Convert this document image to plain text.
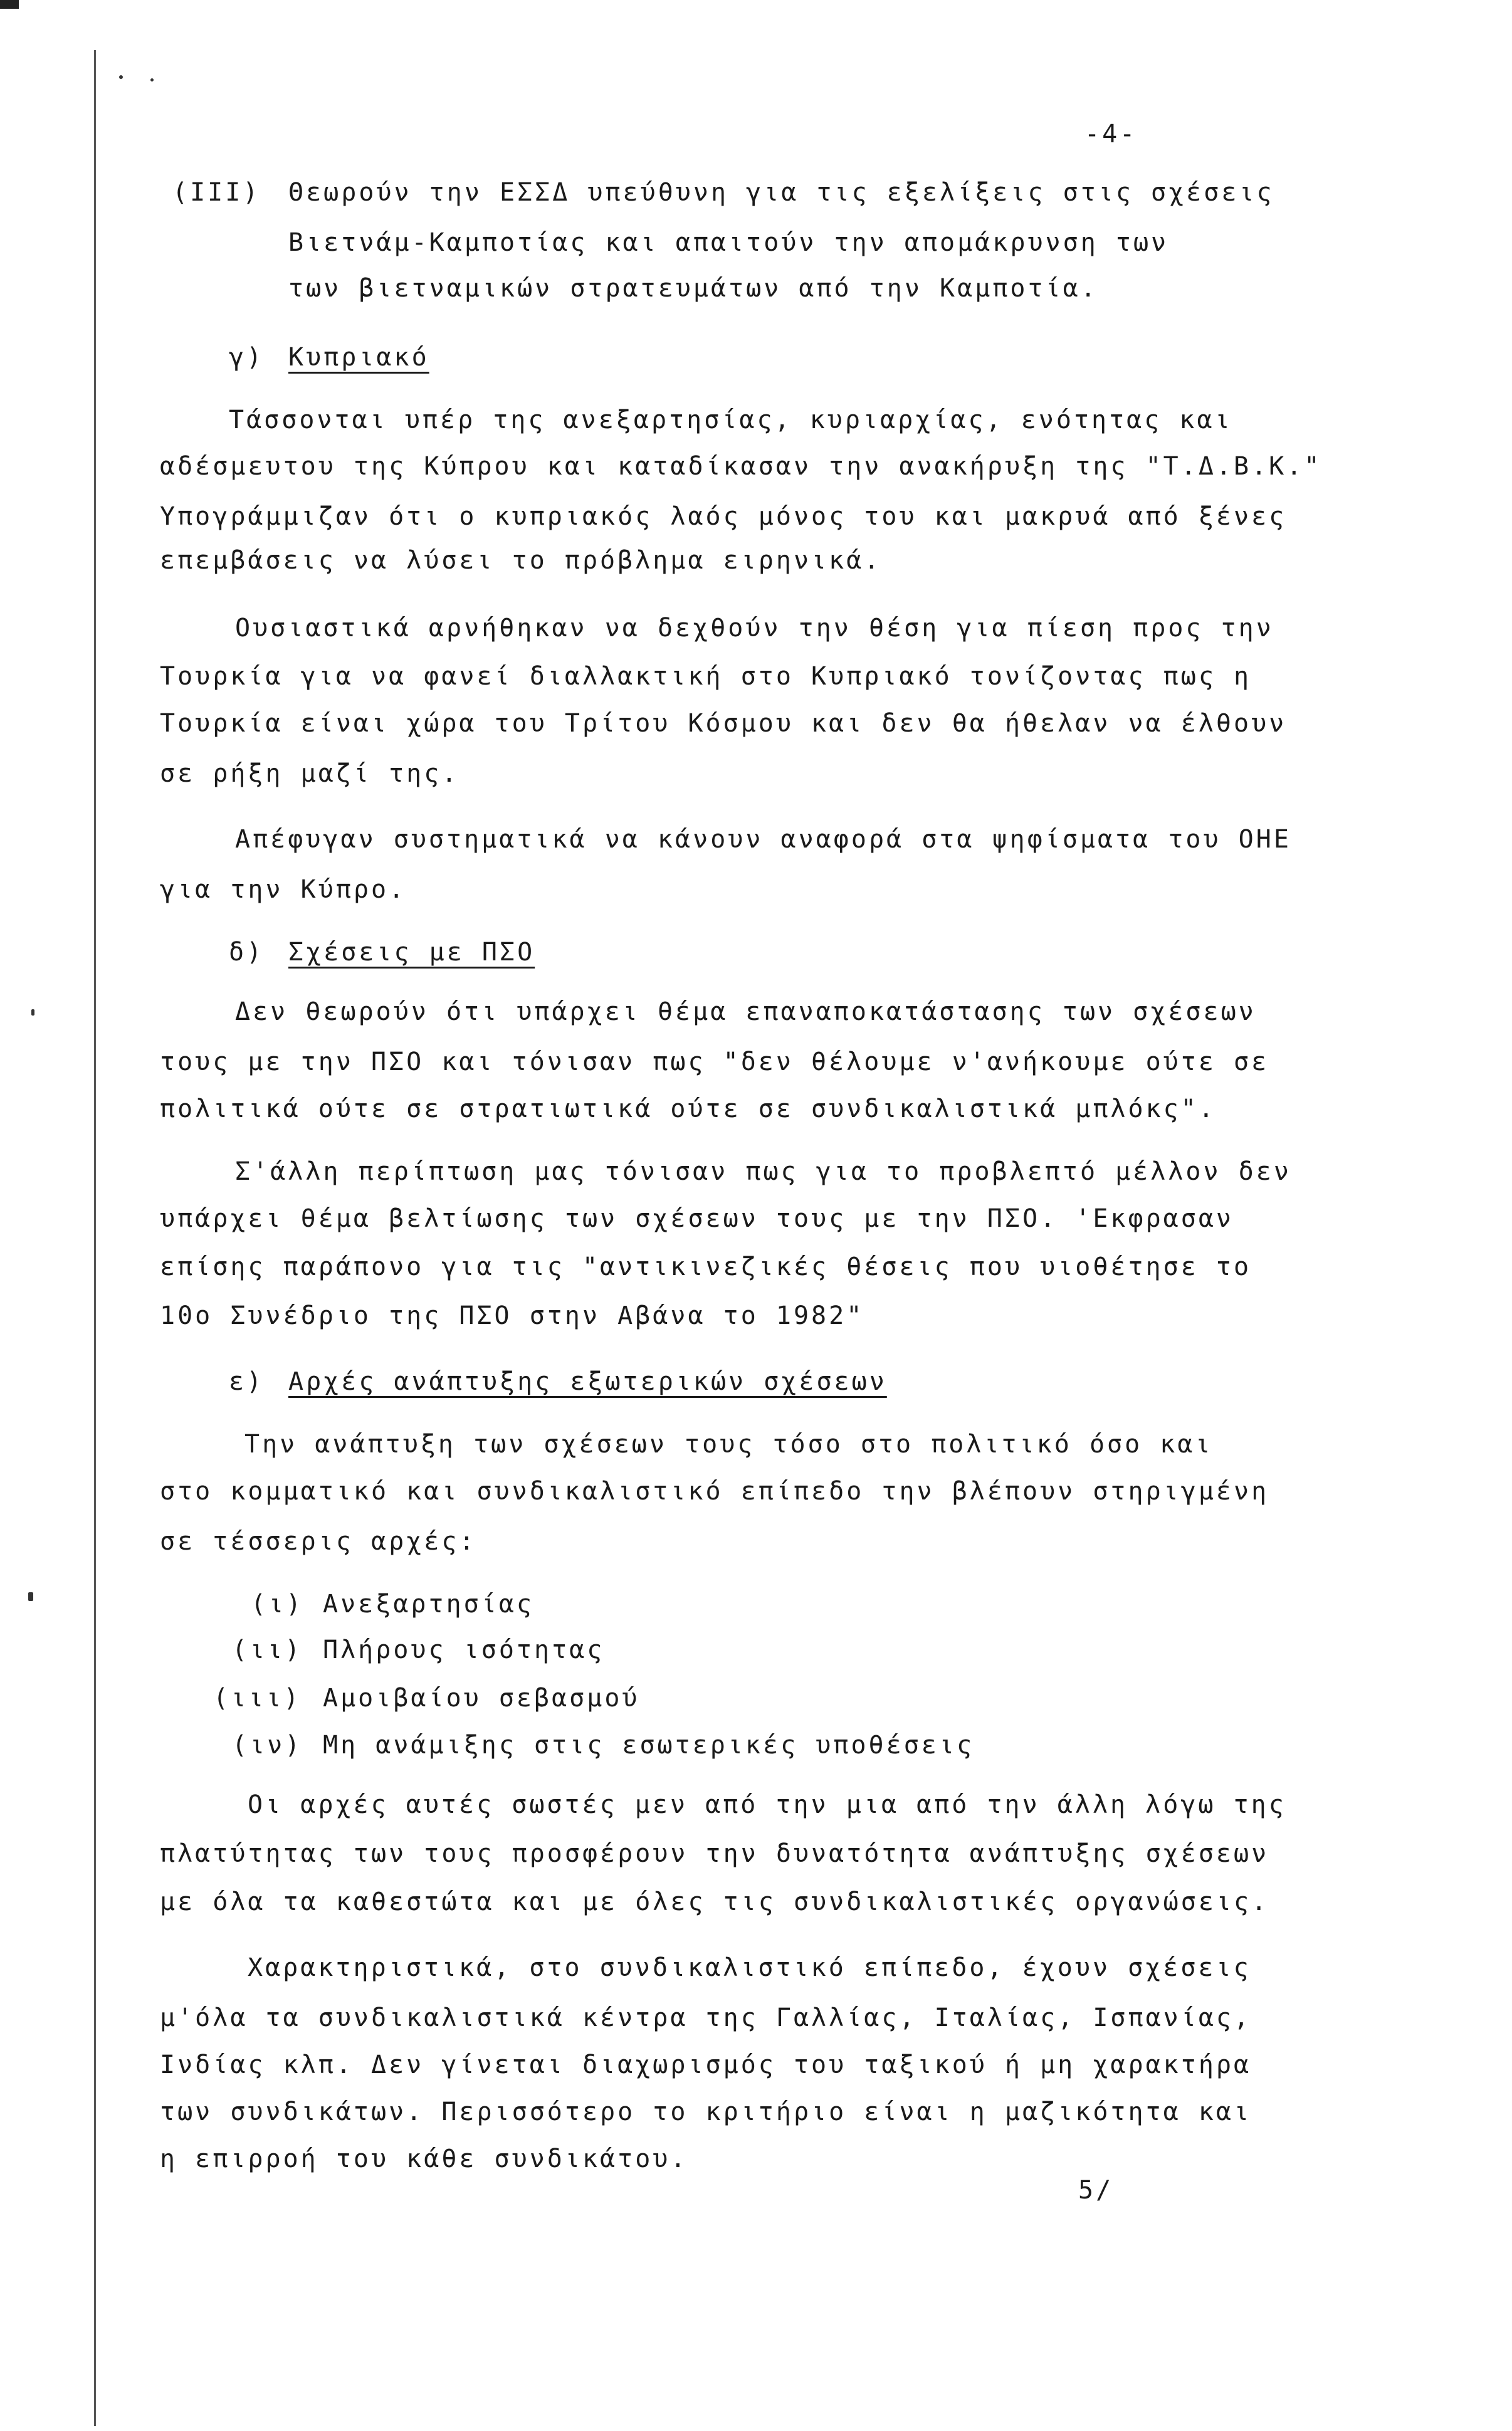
-4-
(III) Θεωρούν την ΕΣΣΔ υπεύθυνη για τις εξελίξεις στις σχέσεις
Βιετνάμ-Καμποτίας και απαιτούν την απομάκρυνση των
των βιετναμικών στρατευμάτων από την Καμποτία.
γ) Κυπριακό
Τάσσονται υπέρ της ανεξαρτησίας, κυριαρχίας, ενότητας και
αδέσμευτου της Κύπρου και καταδίκασαν την ανακήρυξη της "Τ.Δ.Β.Κ."
Υπογράμμιζαν ότι ο κυπριακός λαός μόνος του και μακρυά από ξένες
επεμβάσεις να λύσει το πρόβλημα ειρηνικά.
Ουσιαστικά αρνήθηκαν να δεχθούν την θέση για πίεση προς την
Τουρκία για να φανεί διαλλακτική στο Κυπριακό τονίζοντας πως η
Τουρκία είναι χώρα του Τρίτου Κόσμου και δεν θα ήθελαν να έλθουν
σε ρήξη μαζί της.
Απέφυγαν συστηματικά να κάνουν αναφορά στα ψηφίσματα του ΟΗΕ
για την Κύπρο.
δ) Σχέσεις με ΠΣΟ
Δεν θεωρούν ότι υπάρχει θέμα επαναποκατάστασης των σχέσεων
τους με την ΠΣΟ και τόνισαν πως "δεν θέλουμε ν'ανήκουμε ούτε σε
πολιτικά ούτε σε στρατιωτικά ούτε σε συνδικαλιστικά μπλόκς".
Σ'άλλη περίπτωση μας τόνισαν πως για το προβλεπτό μέλλον δεν
υπάρχει θέμα βελτίωσης των σχέσεων τους με την ΠΣΟ. 'Εκφρασαν
επίσης παράπονο για τις "αντικινεζικές θέσεις που υιοθέτησε το
10ο Συνέδριο της ΠΣΟ στην Αβάνα το 1982"
ε) Αρχές ανάπτυξης εξωτερικών σχέσεων
Την ανάπτυξη των σχέσεων τους τόσο στο πολιτικό όσο και
στο κομματικό και συνδικαλιστικό επίπεδο την βλέπουν στηριγμένη
σε τέσσερις αρχές:
(ι) Ανεξαρτησίας
(ιι) Πλήρους ισότητας
(ιιι) Αμοιβαίου σεβασμού
(ιν) Μη ανάμιξης στις εσωτερικές υποθέσεις
Οι αρχές αυτές σωστές μεν από την μια από την άλλη λόγω της
πλατύτητας των τους προσφέρουν την δυνατότητα ανάπτυξης σχέσεων
με όλα τα καθεστώτα και με όλες τις συνδικαλιστικές οργανώσεις.
Χαρακτηριστικά, στο συνδικαλιστικό επίπεδο, έχουν σχέσεις
μ'όλα τα συνδικαλιστικά κέντρα της Γαλλίας, Ιταλίας, Ισπανίας,
Ινδίας κλπ. Δεν γίνεται διαχωρισμός του ταξικού ή μη χαρακτήρα
των συνδικάτων. Περισσότερο το κριτήριο είναι η μαζικότητα και
η επιρροή του κάθε συνδικάτου.
5/
